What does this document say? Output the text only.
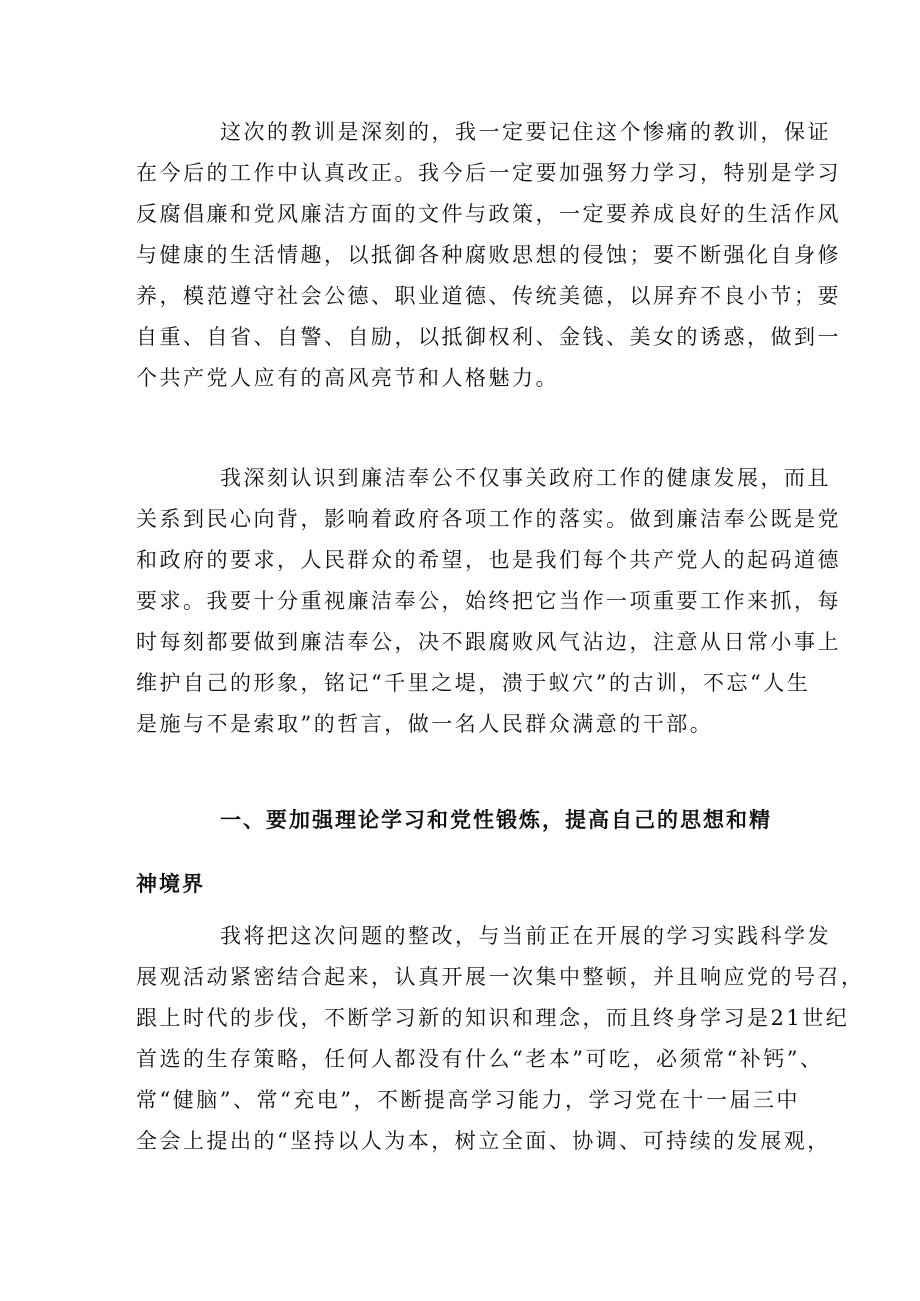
这次的教训是深刻的，我一定要记住这个惨痛的教训，保证
在今后的工作中认真改正。我今后一定要加强努力学习，特别是学习
反腐倡廉和党风廉洁方面的文件与政策，一定要养成良好的生活作风
与健康的生活情趣，以抵御各种腐败思想的侵蚀；要不断强化自身修
养，模范遵守社会公德、职业道德、传统美德，以屏弃不良小节；要
自重、自省、自警、自励，以抵御权利、金钱、美女的诱惑，做到一
个共产党人应有的高风亮节和人格魅力。
我深刻认识到廉洁奉公不仅事关政府工作的健康发展，而且
关系到民心向背，影响着政府各项工作的落实。做到廉洁奉公既是党
和政府的要求，人民群众的希望，也是我们每个共产党人的起码道德
要求。我要十分重视廉洁奉公，始终把它当作一项重要工作来抓，每
时每刻都要做到廉洁奉公，决不跟腐败风气沾边，注意从日常小事上
维护自己的形象，铭记“千里之堤，溃于蚁穴”的古训，不忘“人生
是施与不是索取”的哲言，做一名人民群众满意的干部。
一、要加强理论学习和党性锻炼，提高自己的思想和精
神境界
我将把这次问题的整改，与当前正在开展的学习实践科学发
展观活动紧密结合起来，认真开展一次集中整顿，并且响应党的号召，
跟上时代的步伐，不断学习新的知识和理念，而且终身学习是21世纪
首选的生存策略，任何人都没有什么“老本”可吃，必须常“补钙”、
常“健脑”、常“充电”，不断提高学习能力，学习党在十一届三中
全会上提出的“坚持以人为本，树立全面、协调、可持续的发展观，
